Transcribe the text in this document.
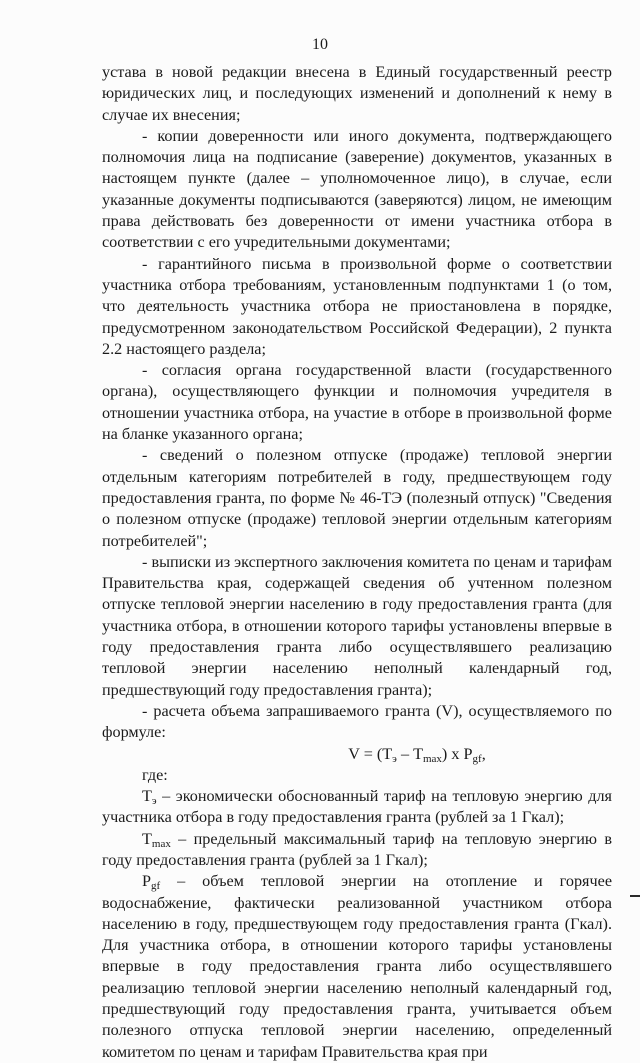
10

устава в новой редакции внесена в Единый государственный реестр юридических лиц, и последующих изменений и дополнений к нему в случае их внесения;

- копии доверенности или иного документа, подтверждающего полномочия лица на подписание (заверение) документов, указанных в настоящем пункте (далее – уполномоченное лицо), в случае, если указанные документы подписываются (заверяются) лицом, не имеющим права действовать без доверенности от имени участника отбора в соответствии с его учредительными документами;

- гарантийного письма в произвольной форме о соответствии участника отбора требованиям, установленным подпунктами 1 (о том, что деятельность участника отбора не приостановлена в порядке, предусмотренном законодательством Российской Федерации), 2 пункта 2.2 настоящего раздела;

- согласия органа государственной власти (государственного органа), осуществляющего функции и полномочия учредителя в отношении участника отбора, на участие в отборе в произвольной форме на бланке указанного органа;

- сведений о полезном отпуске (продаже) тепловой энергии отдельным категориям потребителей в году, предшествующем году предоставления гранта, по форме № 46-ТЭ (полезный отпуск) "Сведения о полезном отпуске (продаже) тепловой энергии отдельным категориям потребителей";

- выписки из экспертного заключения комитета по ценам и тарифам Правительства края, содержащей сведения об учтенном полезном отпуске тепловой энергии населению в году предоставления гранта (для участника отбора, в отношении которого тарифы установлены впервые в году предоставления гранта либо осуществлявшего реализацию тепловой энергии населению неполный календарный год, предшествующий году предоставления гранта);

- расчета объема запрашиваемого гранта (V), осуществляемого по формуле:

$V = (T_э - T_{max})$ x $P_{gf}$,

где:

$T_э$ – экономически обоснованный тариф на тепловую энергию для участника отбора в году предоставления гранта (рублей за 1 Гкал);

$T_{max}$ – предельный максимальный тариф на тепловую энергию в году предоставления гранта (рублей за 1 Гкал);

$P_{gf}$ – объем тепловой энергии на отопление и горячее водоснабжение, фактически реализованной участником отбора населению в году, предшествующем году предоставления гранта (Гкал). Для участника отбора, в отношении которого тарифы установлены впервые в году предоставления гранта либо осуществлявшего реализацию тепловой энергии населению неполный календарный год, предшествующий году предоставления гранта, учитывается объем полезного отпуска тепловой энергии населению, определенный комитетом по ценам и тарифам Правительства края при
